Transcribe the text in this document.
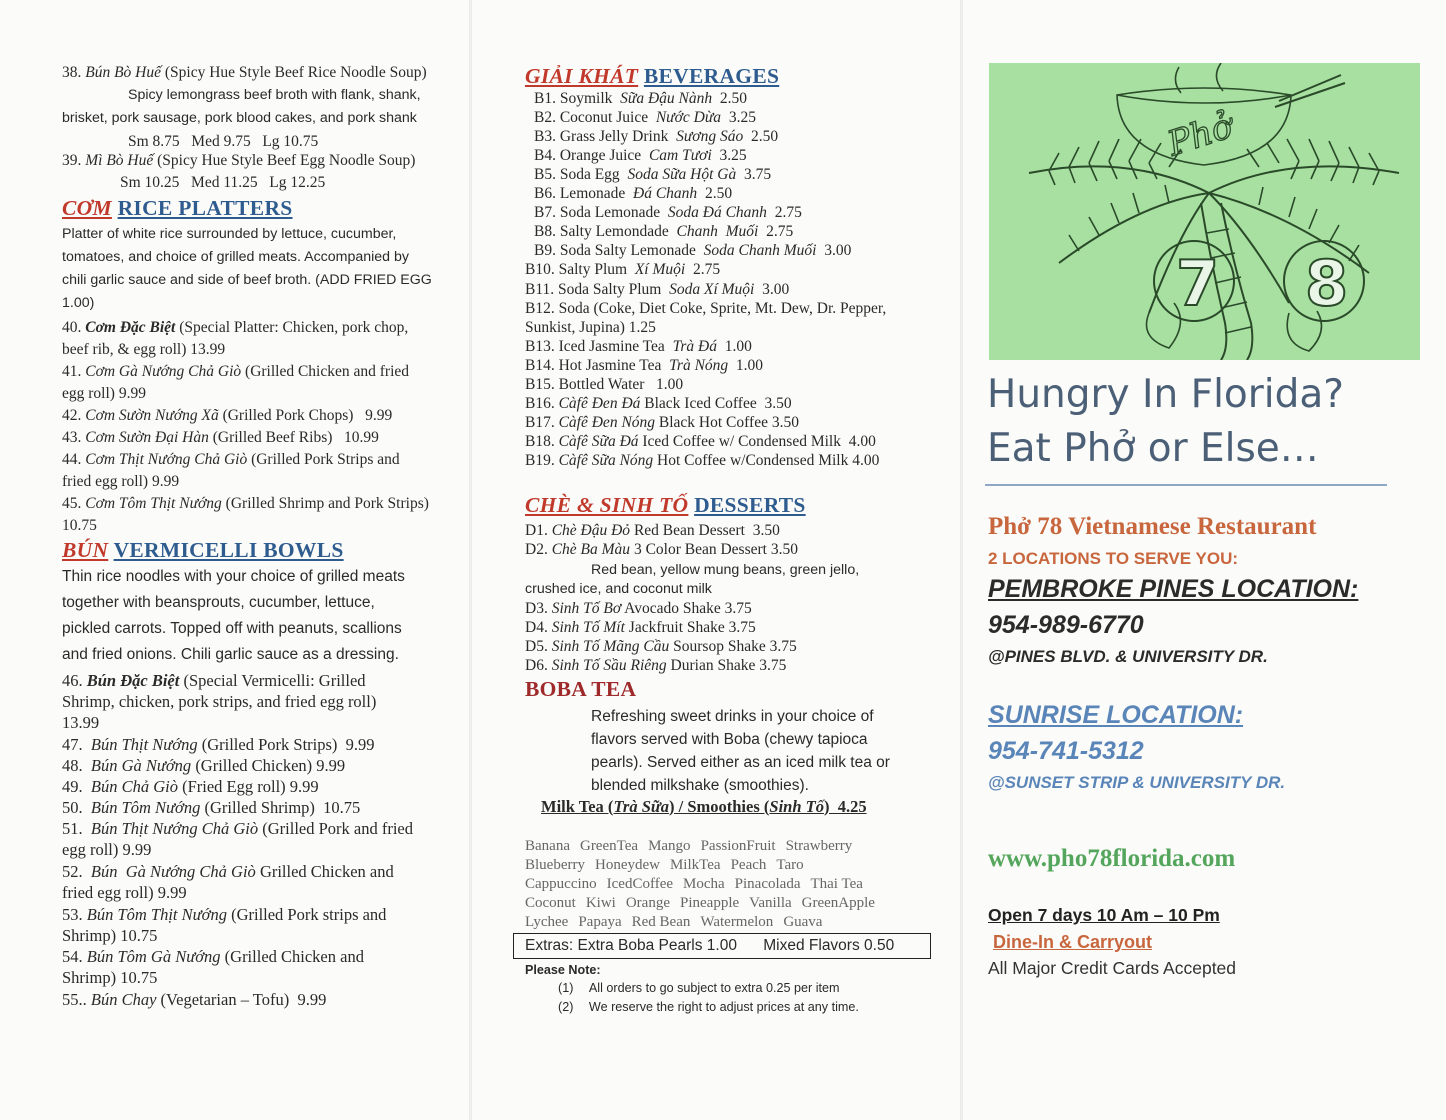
38. Bún Bò Huế (Spicy Hue Style Beef Rice Noodle Soup)
Spicy lemongrass beef broth with flank, shank,
brisket, pork sausage, pork blood cakes, and pork shank
Sm 8.75   Med 9.75   Lg 10.75
39. Mì Bò Huế (Spicy Hue Style Beef Egg Noodle Soup)
Sm 10.25   Med 11.25   Lg 12.25
CƠM RICE PLATTERS
Platter of white rice surrounded by lettuce, cucumber,
tomatoes, and choice of grilled meats. Accompanied by
chili garlic sauce and side of beef broth. (ADD FRIED EGG
1.00)
40. Cơm Đặc Biệt (Special Platter: Chicken, pork chop,
beef rib, & egg roll) 13.99
41. Cơm Gà Nướng Chả Giò (Grilled Chicken and fried
egg roll) 9.99
42. Cơm Sườn Nướng Xã (Grilled Pork Chops)   9.99
43. Cơm Sườn Đại Hàn (Grilled Beef Ribs)   10.99
44. Cơm Thịt Nướng Chả Giò (Grilled Pork Strips and
fried egg roll) 9.99
45. Cơm Tôm Thịt Nướng (Grilled Shrimp and Pork Strips)
10.75
BÚN VERMICELLI BOWLS
Thin rice noodles with your choice of grilled meats
together with beansprouts, cucumber, lettuce,
pickled carrots. Topped off with peanuts, scallions
and fried onions. Chili garlic sauce as a dressing.
46. Bún Đặc Biệt (Special Vermicelli: Grilled
Shrimp, chicken, pork strips, and fried egg roll)
13.99
47. Bún Thịt Nướng (Grilled Pork Strips)  9.99
48. Bún Gà Nướng (Grilled Chicken) 9.99
49. Bún Chả Giò (Fried Egg roll) 9.99
50. Bún Tôm Nướng (Grilled Shrimp)  10.75
51. Bún Thịt Nướng Chả Giò (Grilled Pork and fried
egg roll) 9.99
52. Bún  Gà Nướng Chả Giò Grilled Chicken and
fried egg roll) 9.99
53. Bún Tôm Thịt Nướng (Grilled Pork strips and
Shrimp) 10.75
54. Bún Tôm Gà Nướng (Grilled Chicken and
Shrimp) 10.75
55.. Bún Chay (Vegetarian – Tofu)  9.99
GIẢI KHÁT BEVERAGES
B1. Soymilk Sữa Đậu Nành 2.50
B2. Coconut Juice Nước Dừa 3.25
B3. Grass Jelly Drink Sương Sáo 2.50
B4. Orange Juice Cam Tươi 3.25
B5. Soda Egg Soda Sữa Hột Gà 3.75
B6. Lemonade Đá Chanh 2.50
B7. Soda Lemonade Soda Đá Chanh 2.75
B8. Salty Lemondade Chanh  Muối 2.75
B9. Soda Salty Lemonade Soda Chanh Muối 3.00
B10. Salty Plum Xí Muội 2.75
B11. Soda Salty Plum Soda Xí Muội 3.00
B12. Soda (Coke, Diet Coke, Sprite, Mt. Dew, Dr. Pepper,
Sunkist, Jupina) 1.25
B13. Iced Jasmine Tea Trà Đá 1.00
B14. Hot Jasmine Tea Trà Nóng 1.00
B15. Bottled Water   1.00
B16. Càfê Đen Đá Black Iced Coffee 3.50
B17. Càfê Đen Nóng Black Hot Coffee 3.50
B18. Càfê Sữa Đá Iced Coffee w/ Condensed Milk 4.00
B19. Càfê Sữa Nóng Hot Coffee w/Condensed Milk 4.00
CHÈ & SINH TỐ DESSERTS
D1. Chè Đậu Đỏ Red Bean Dessert  3.50
D2. Chè Ba Màu 3 Color Bean Dessert 3.50
Red bean, yellow mung beans, green jello,
crushed ice, and coconut milk
D3. Sinh Tố Bơ Avocado Shake 3.75
D4. Sinh Tố Mít Jackfruit Shake 3.75
D5. Sinh Tố Mãng Cầu Soursop Shake 3.75
D6. Sinh Tố Sầu Riêng Durian Shake 3.75
BOBA TEA
Refreshing sweet drinks in your choice of
flavors served with Boba (chewy tapioca
pearls). Served either as an iced milk tea or
blended milkshake (smoothies).
Milk Tea (Trà Sữa) / Smoothies (Sinh Tố)  4.25
Banana GreenTea Mango PassionFruit Strawberry
Blueberry Honeydew MilkTea Peach Taro
Cappuccino IcedCoffee Mocha Pinacolada Thai Tea
Coconut Kiwi Orange Pineapple Vanilla GreenApple
Lychee Papaya Red Bean Watermelon Guava
Extras: Extra Boba Pearls 1.00 Mixed Flavors 0.50
Please Note:
(1) All orders to go subject to extra 0.25 per item
(2) We reserve the right to adjust prices at any time.
Phở
7 8
Hungry In Florida?
Eat Phở or Else…
Phở 78 Vietnamese Restaurant
2 LOCATIONS TO SERVE YOU:
PEMBROKE PINES LOCATION:
954-989-6770
@PINES BLVD. & UNIVERSITY DR.
SUNRISE LOCATION:
954-741-5312
@SUNSET STRIP & UNIVERSITY DR.
www.pho78florida.com
Open 7 days 10 Am – 10 Pm
Dine-In & Carryout
All Major Credit Cards Accepted
